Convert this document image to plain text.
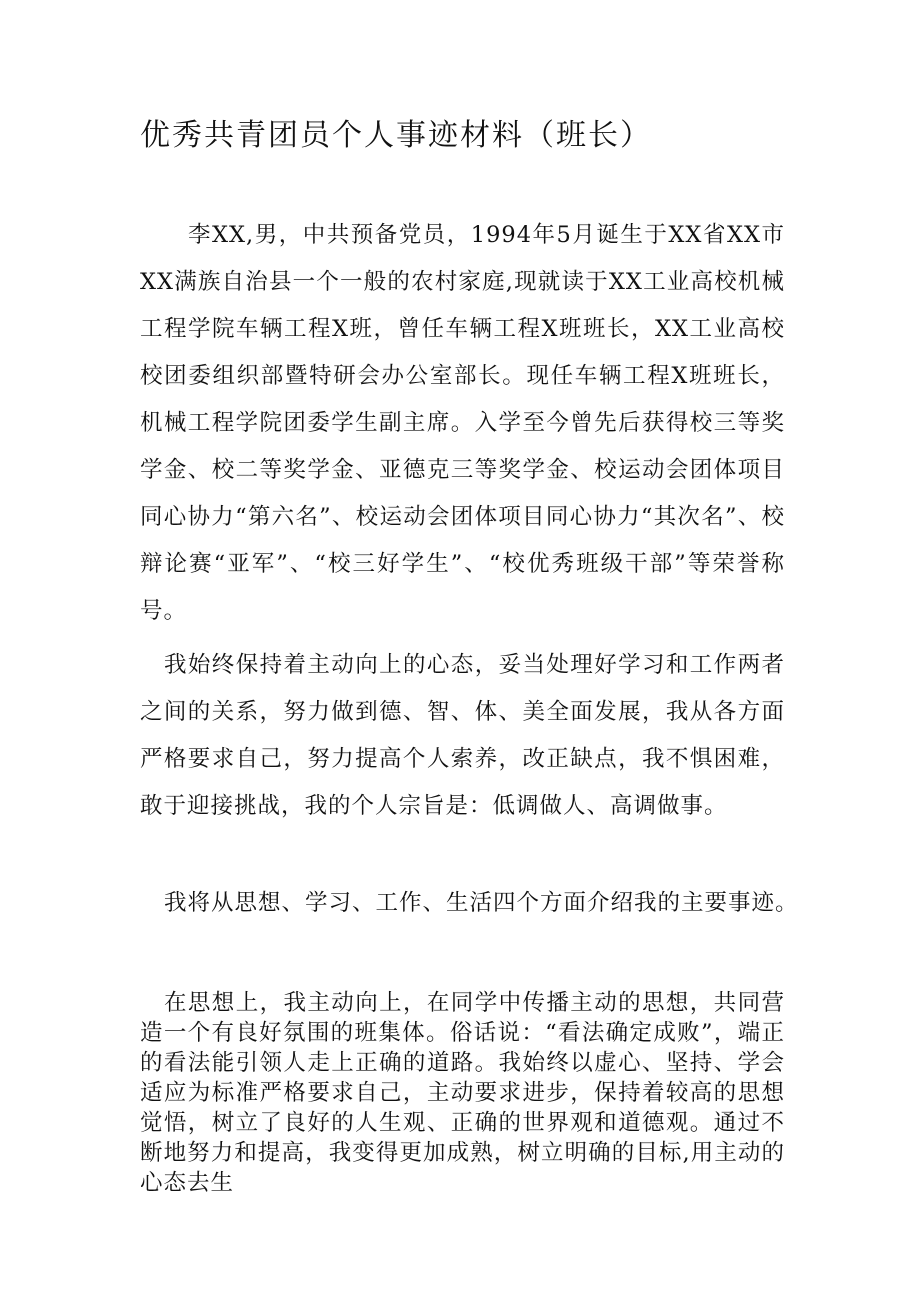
优秀共青团员个人事迹材料（班长）

李XX,男，中共预备党员，1994年5月诞生于XX省XX市XX满族自治县一个一般的农村家庭,现就读于XX工业高校机械工程学院车辆工程X班，曾任车辆工程X班班长，XX工业高校校团委组织部暨特研会办公室部长。现任车辆工程X班班长，机械工程学院团委学生副主席。入学至今曾先后获得校三等奖学金、校二等奖学金、亚德克三等奖学金、校运动会团体项目同心协力“第六名”、校运动会团体项目同心协力“其次名”、校辩论赛“亚军”、“校三好学生”、“校优秀班级干部”等荣誉称号。

我始终保持着主动向上的心态，妥当处理好学习和工作两者之间的关系，努力做到德、智、体、美全面发展，我从各方面严格要求自己，努力提高个人索养，改正缺点，我不惧困难，敢于迎接挑战，我的个人宗旨是：低调做人、高调做事。

我将从思想、学习、工作、生活四个方面介绍我的主要事迹。

在思想上，我主动向上，在同学中传播主动的思想，共同营造一个有良好氛围的班集体。俗话说：“看法确定成败”，端正的看法能引领人走上正确的道路。我始终以虚心、坚持、学会适应为标准严格要求自己，主动要求进步，保持着较高的思想觉悟，树立了良好的人生观、正确的世界观和道德观。通过不断地努力和提高，我变得更加成熟，树立明确的目标,用主动的心态去生
